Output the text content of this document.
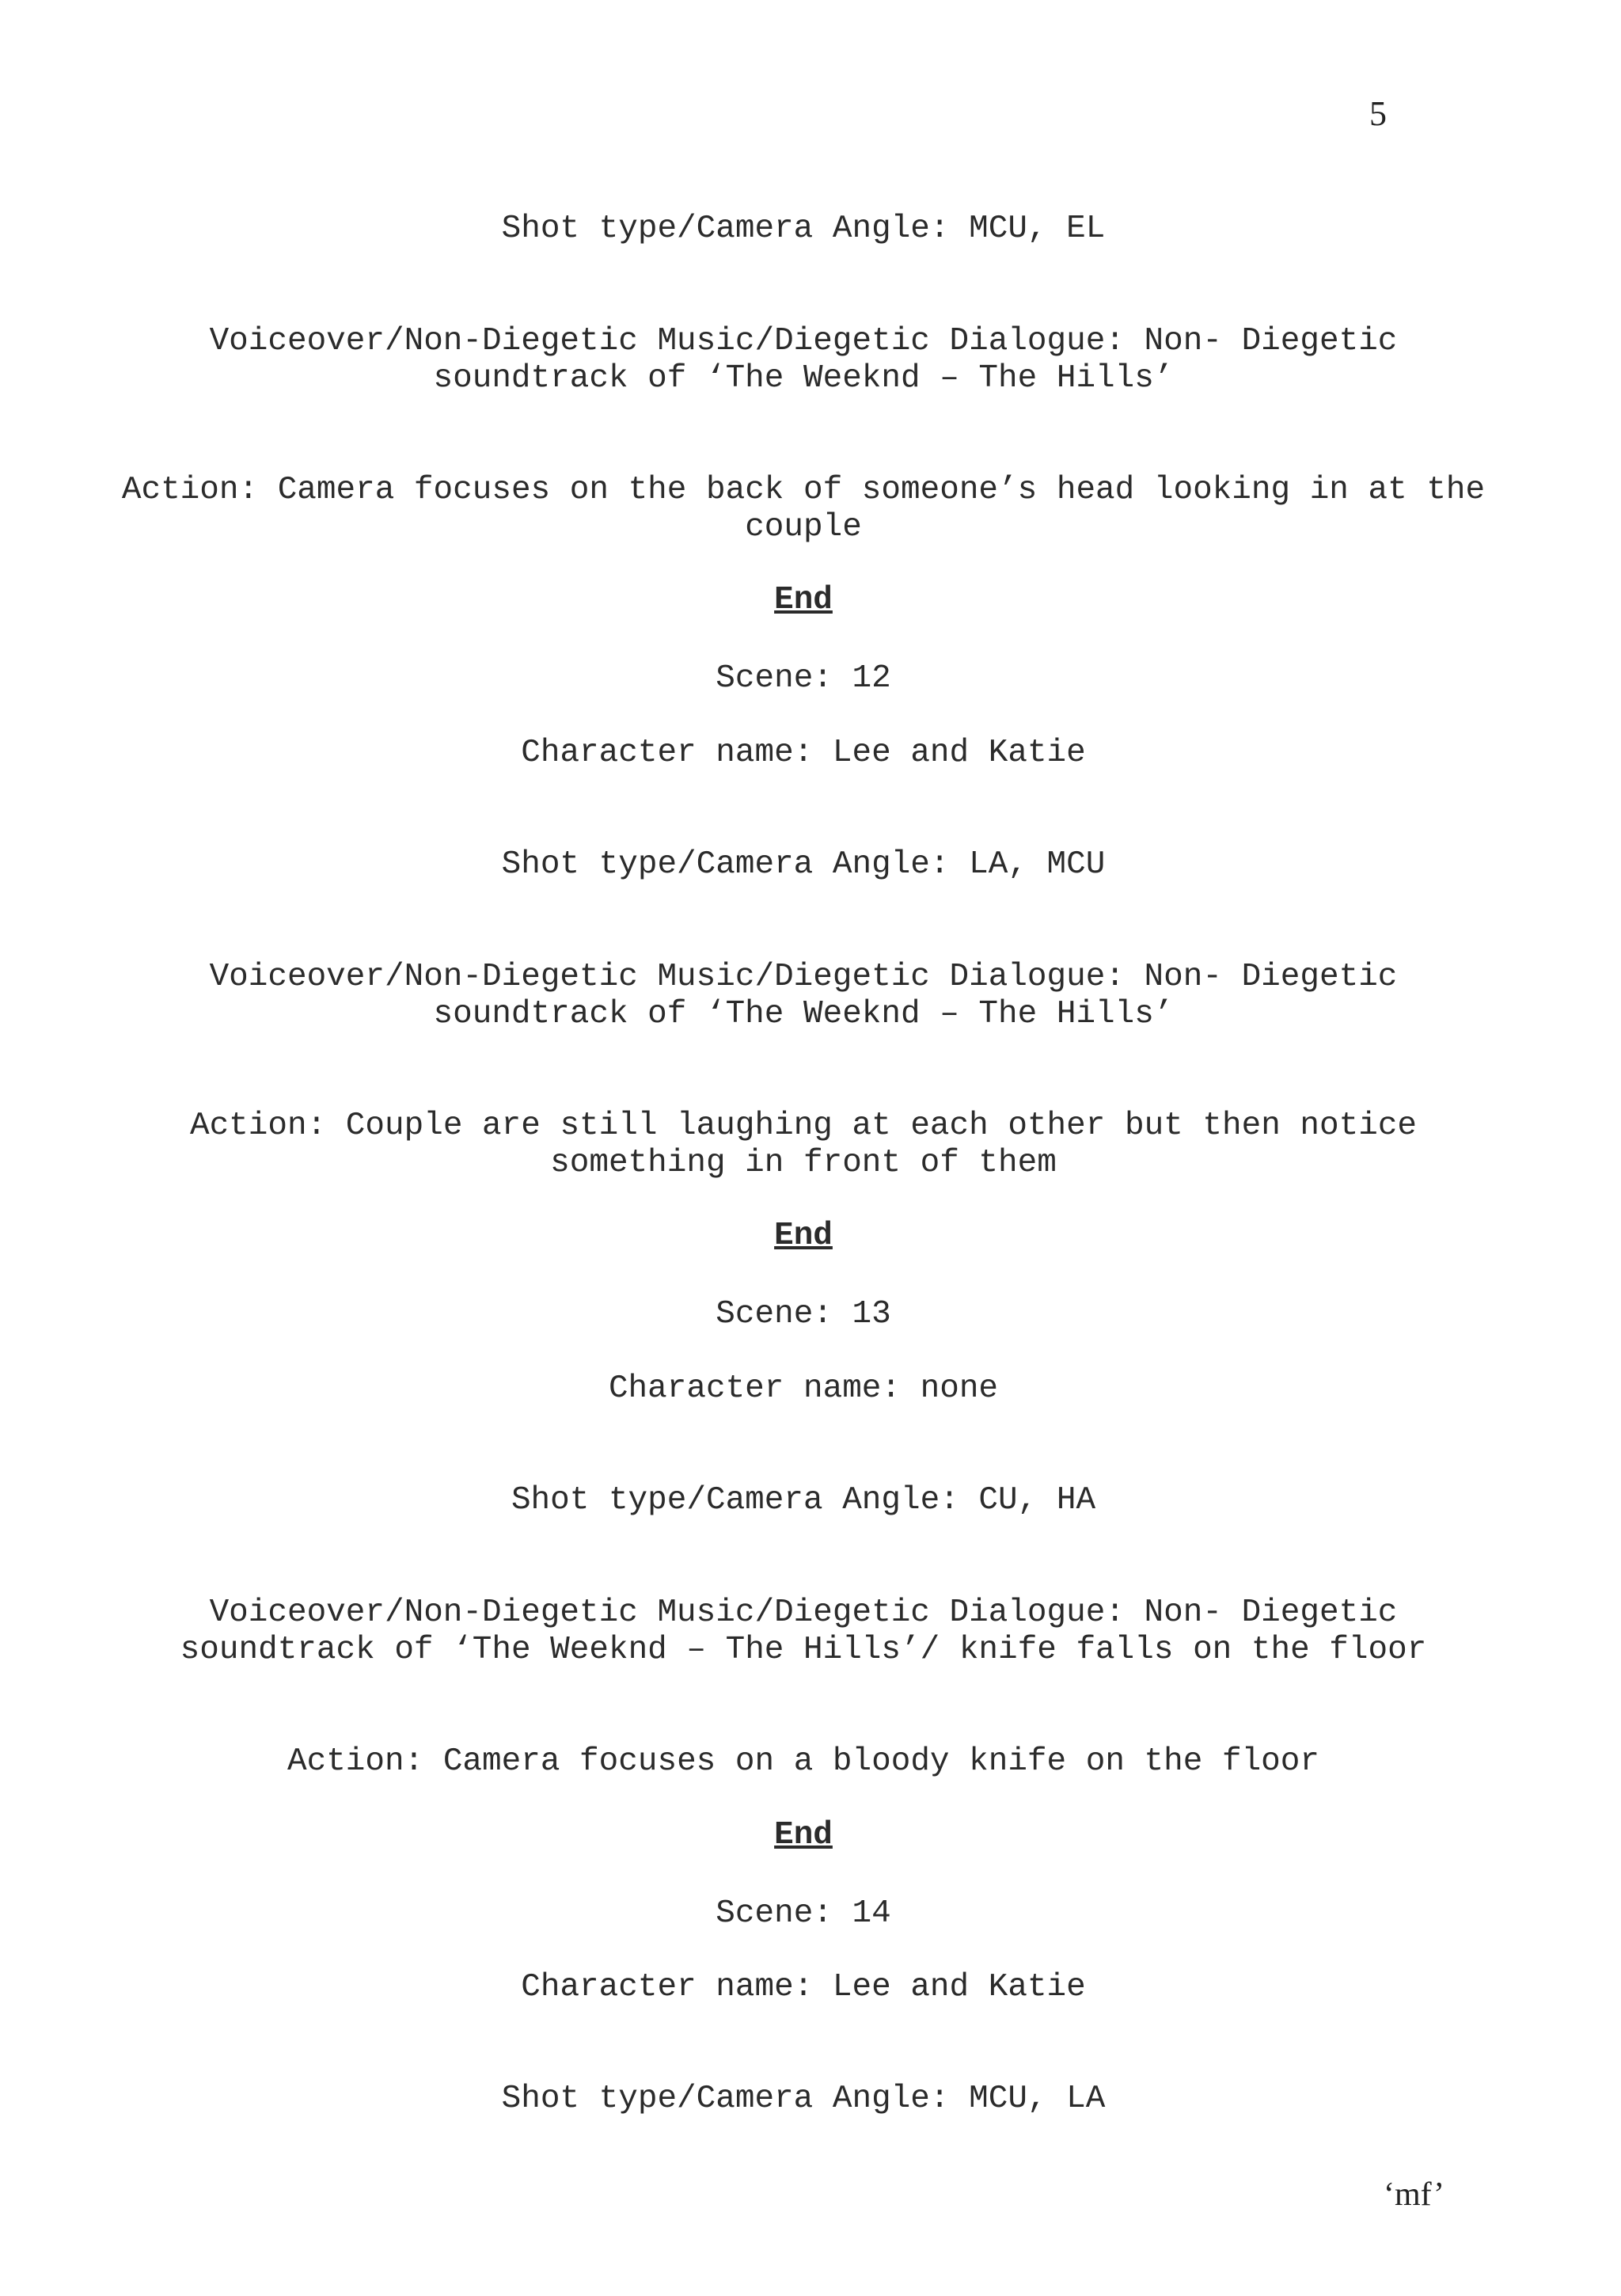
5
Shot type/Camera Angle: MCU, EL
Voiceover/Non-Diegetic Music/Diegetic Dialogue: Non- Diegetic
soundtrack of ‘The Weeknd – The Hills’
Action: Camera focuses on the back of someone’s head looking in at the
couple
End
Scene: 12
Character name: Lee and Katie
Shot type/Camera Angle: LA, MCU
Voiceover/Non-Diegetic Music/Diegetic Dialogue: Non- Diegetic
soundtrack of ‘The Weeknd – The Hills’
Action: Couple are still laughing at each other but then notice
something in front of them
End
Scene: 13
Character name: none
Shot type/Camera Angle: CU, HA
Voiceover/Non-Diegetic Music/Diegetic Dialogue: Non- Diegetic
soundtrack of ‘The Weeknd – The Hills’/ knife falls on the floor
Action: Camera focuses on a bloody knife on the floor
End
Scene: 14
Character name: Lee and Katie
Shot type/Camera Angle: MCU, LA
‘mf’
